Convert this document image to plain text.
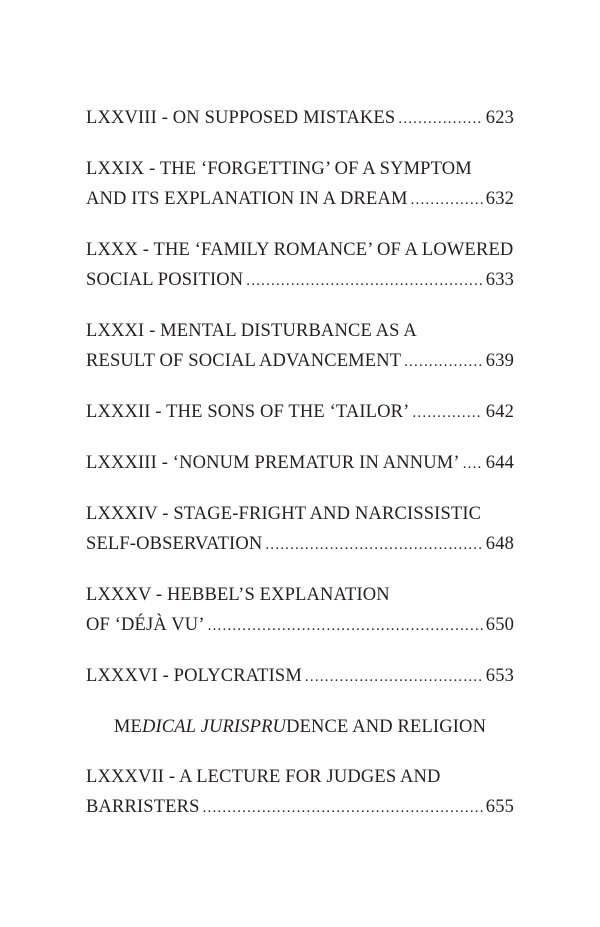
LXXVIII - ON SUPPOSED MISTAKES .....	623
LXXIX - THE ‘FORGETTING’ OF A SYMPTOM
AND ITS EXPLANATION IN A DREAM .....	632
LXXX - THE ‘FAMILY ROMANCE’ OF A LOWERED
SOCIAL POSITION .....	633
LXXXI - MENTAL DISTURBANCE AS A
RESULT OF SOCIAL ADVANCEMENT .....	639
LXXXII - THE SONS OF THE ‘TAILOR’ .....	642
LXXXIII - ‘NONUM PREMATUR IN ANNUM’ ..... 644
LXXXIV - STAGE-FRIGHT AND NARCISSISTIC
SELF-OBSERVATION .....	648
LXXXV - HEBBEL’S EXPLANATION
OF ‘DÉJÀ VU’ .....	650
LXXXVI - POLYCRATISM .....	653
MEDICAL JURISPRUDENCE AND RELIGION
LXXXVII - A LECTURE FOR JUDGES AND
BARRISTERS .....	655
